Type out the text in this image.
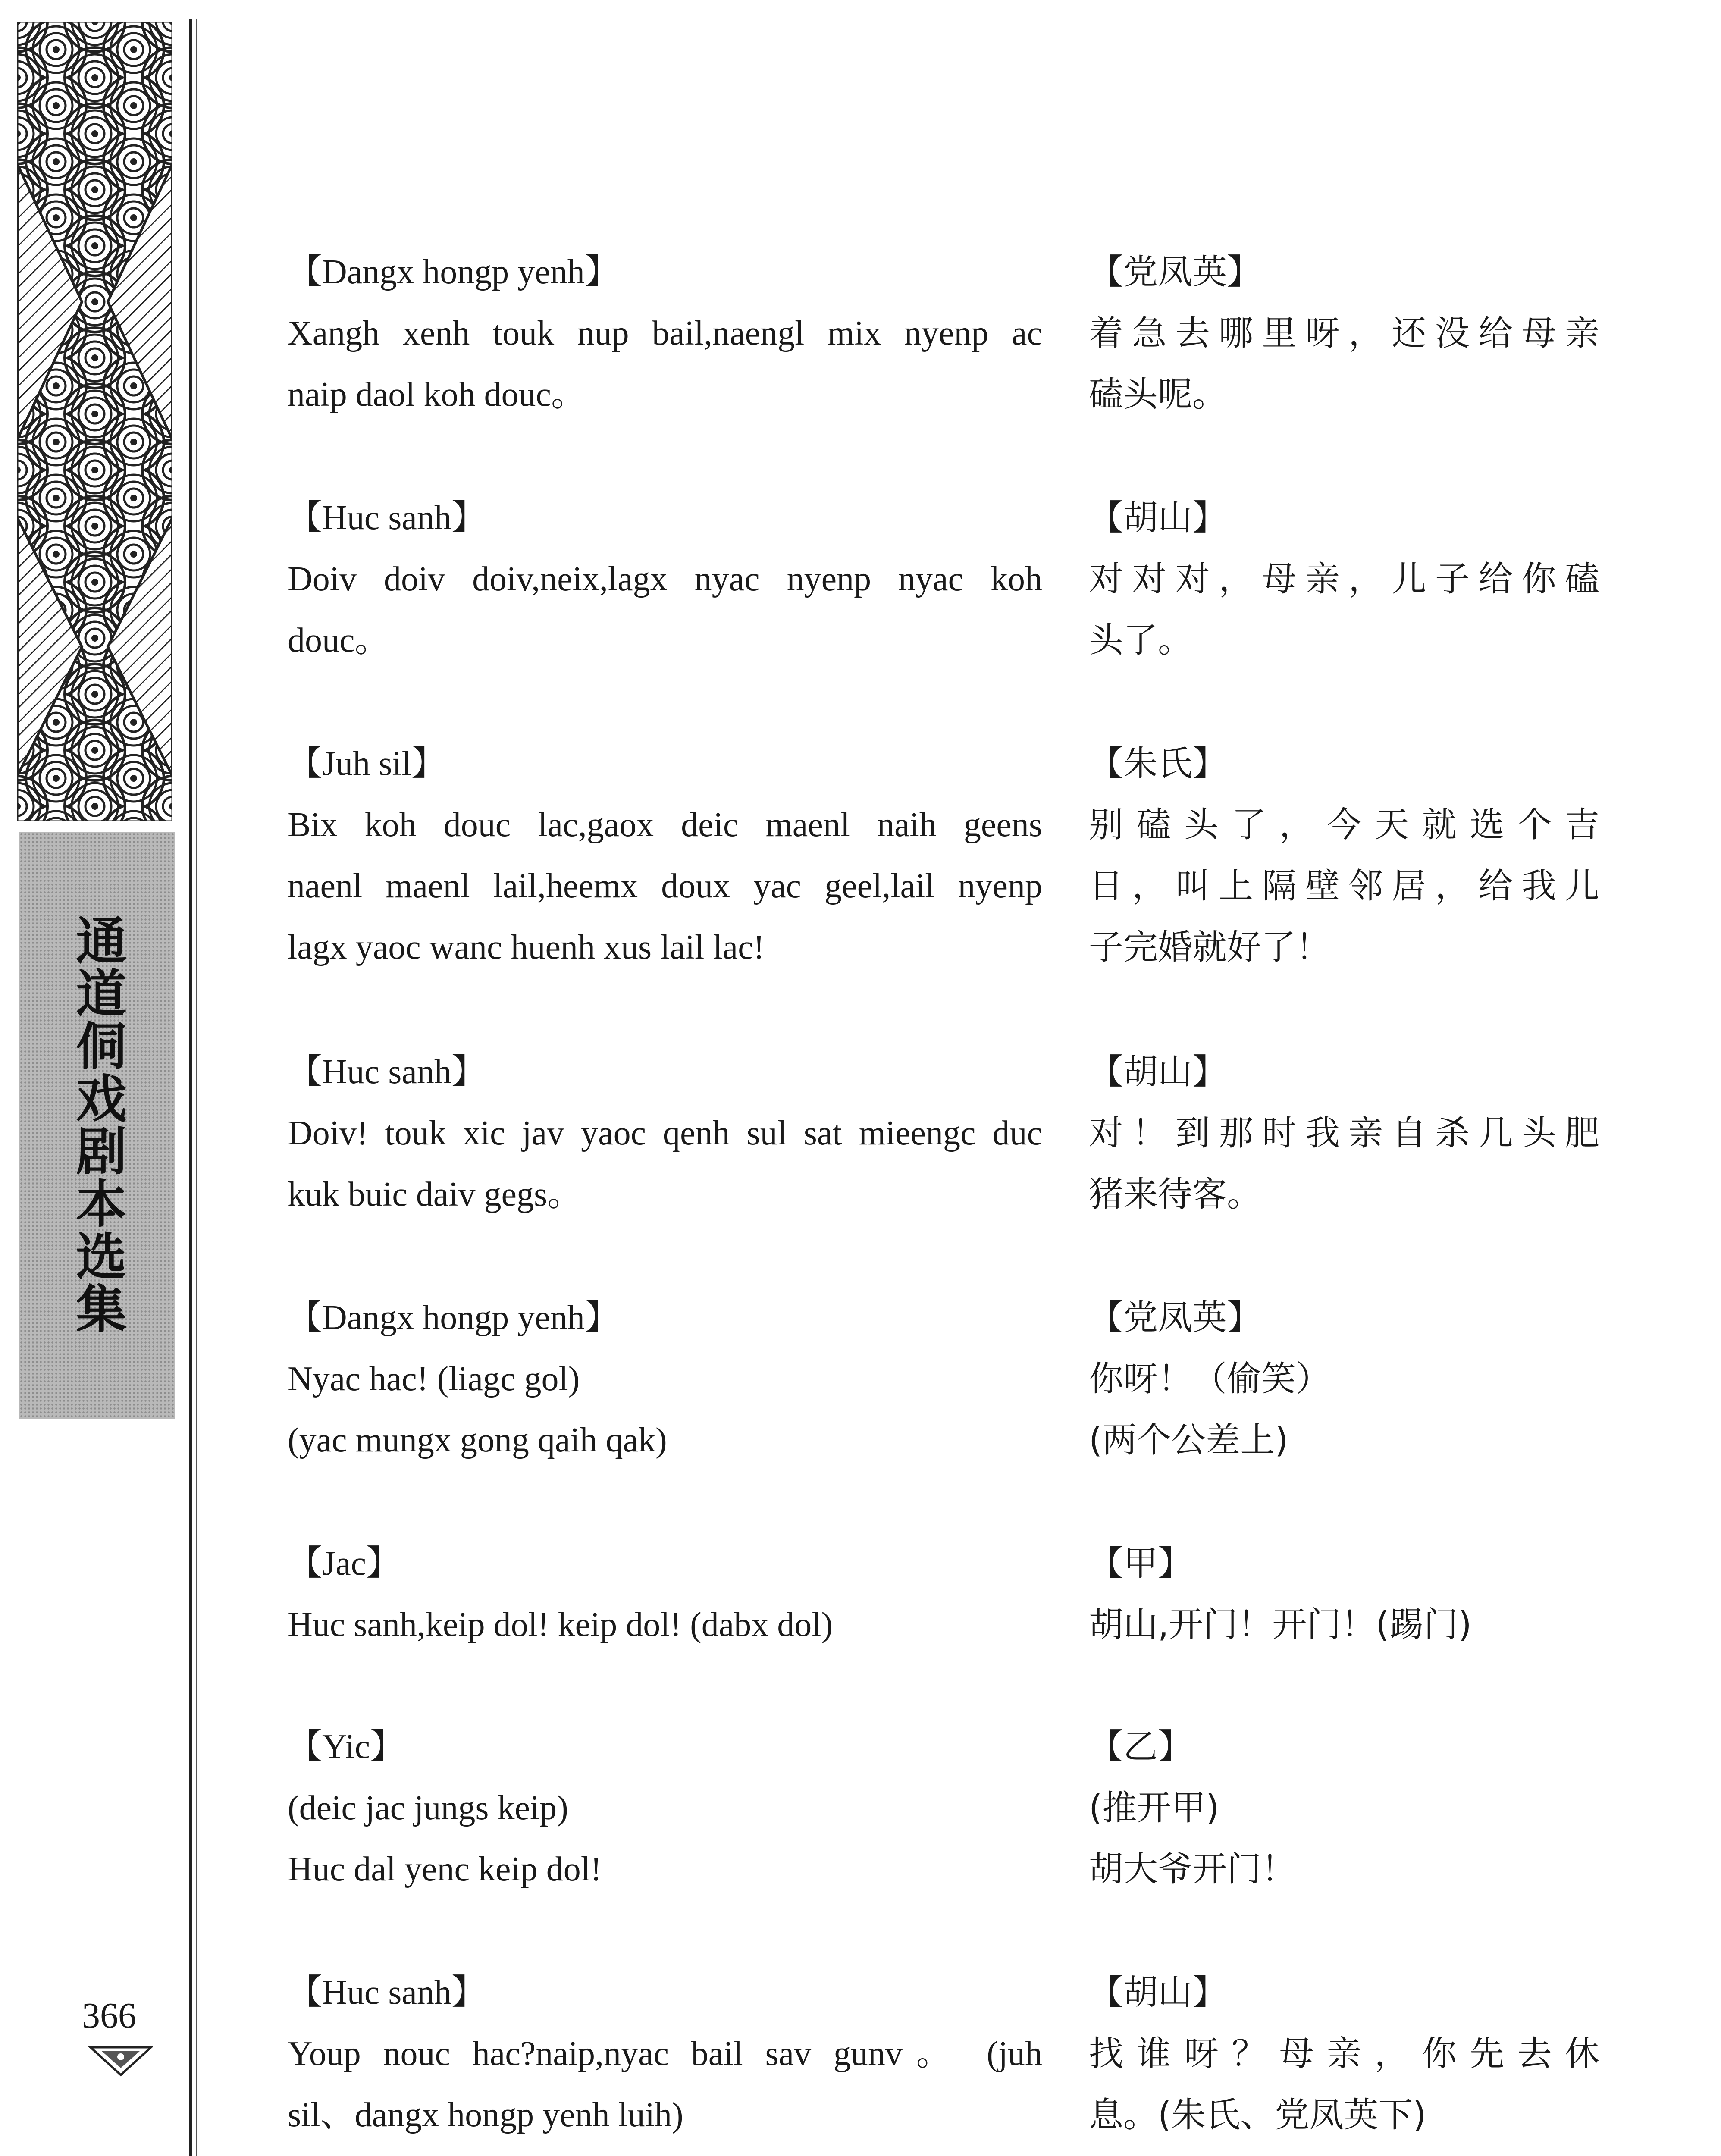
通道侗戏剧本选集
366
【Dangx hongp yenh】
Xangh xenh touk nup bail,naengl mix nyenp ac
naip daol koh douc。
【党凤英】
着急去哪里呀，还没给母亲
磕头呢。
【Huc sanh】
Doiv doiv doiv,neix,lagx nyac nyenp nyac koh
douc。
【胡山】
对对对，母亲，儿子给你磕
头了。
【Juh sil】
Bix koh douc lac,gaox deic maenl naih geens
naenl maenl lail,heemx doux yac geel,lail nyenp
lagx yaoc wanc huenh xus lail lac!
【朱氏】
别磕头了，今天就选个吉
日，叫上隔壁邻居，给我儿
子完婚就好了！
【Huc sanh】
Doiv! touk xic jav yaoc qenh sul sat mieengc duc
kuk buic daiv gegs。
【胡山】
对！到那时我亲自杀几头肥
猪来待客。
【Dangx hongp yenh】
Nyac hac! (liagc gol)
(yac mungx gong qaih qak)
【党凤英】
你呀！（偷笑）
(两个公差上)
【Jac】
Huc sanh,keip dol! keip dol! (dabx dol)
【甲】
胡山,开门！开门！(踢门)
【Yic】
(deic jac jungs keip)
Huc dal yenc keip dol!
【乙】
(推开甲)
胡大爷开门！
【Huc sanh】
Youp nouc hac?naip,nyac bail sav gunv。 (juh
sil、dangx hongp yenh luih)
【胡山】
找谁呀？母亲，你先去休
息。(朱氏、党凤英下)
